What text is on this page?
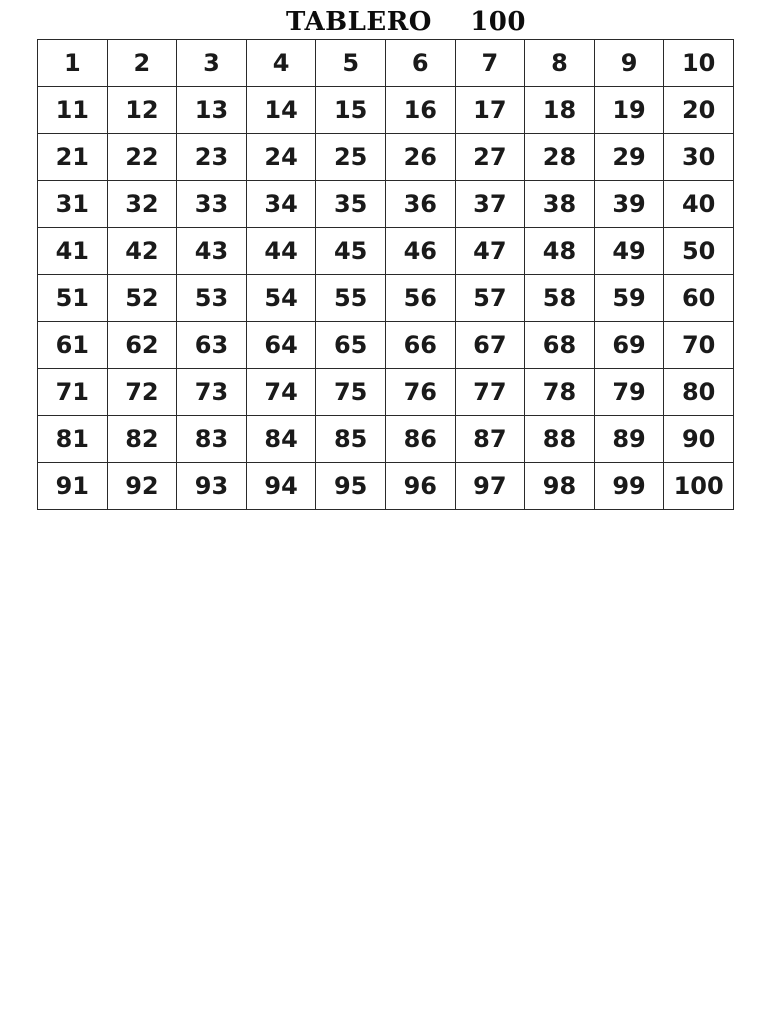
TABLERO 100
1	2	3	4	5	6	7	8	9	10
11	12	13	14	15	16	17	18	19	20
21	22	23	24	25	26	27	28	29	30
31	32	33	34	35	36	37	38	39	40
41	42	43	44	45	46	47	48	49	50
51	52	53	54	55	56	57	58	59	60
61	62	63	64	65	66	67	68	69	70
71	72	73	74	75	76	77	78	79	80
81	82	83	84	85	86	87	88	89	90
91	92	93	94	95	96	97	98	99	100
